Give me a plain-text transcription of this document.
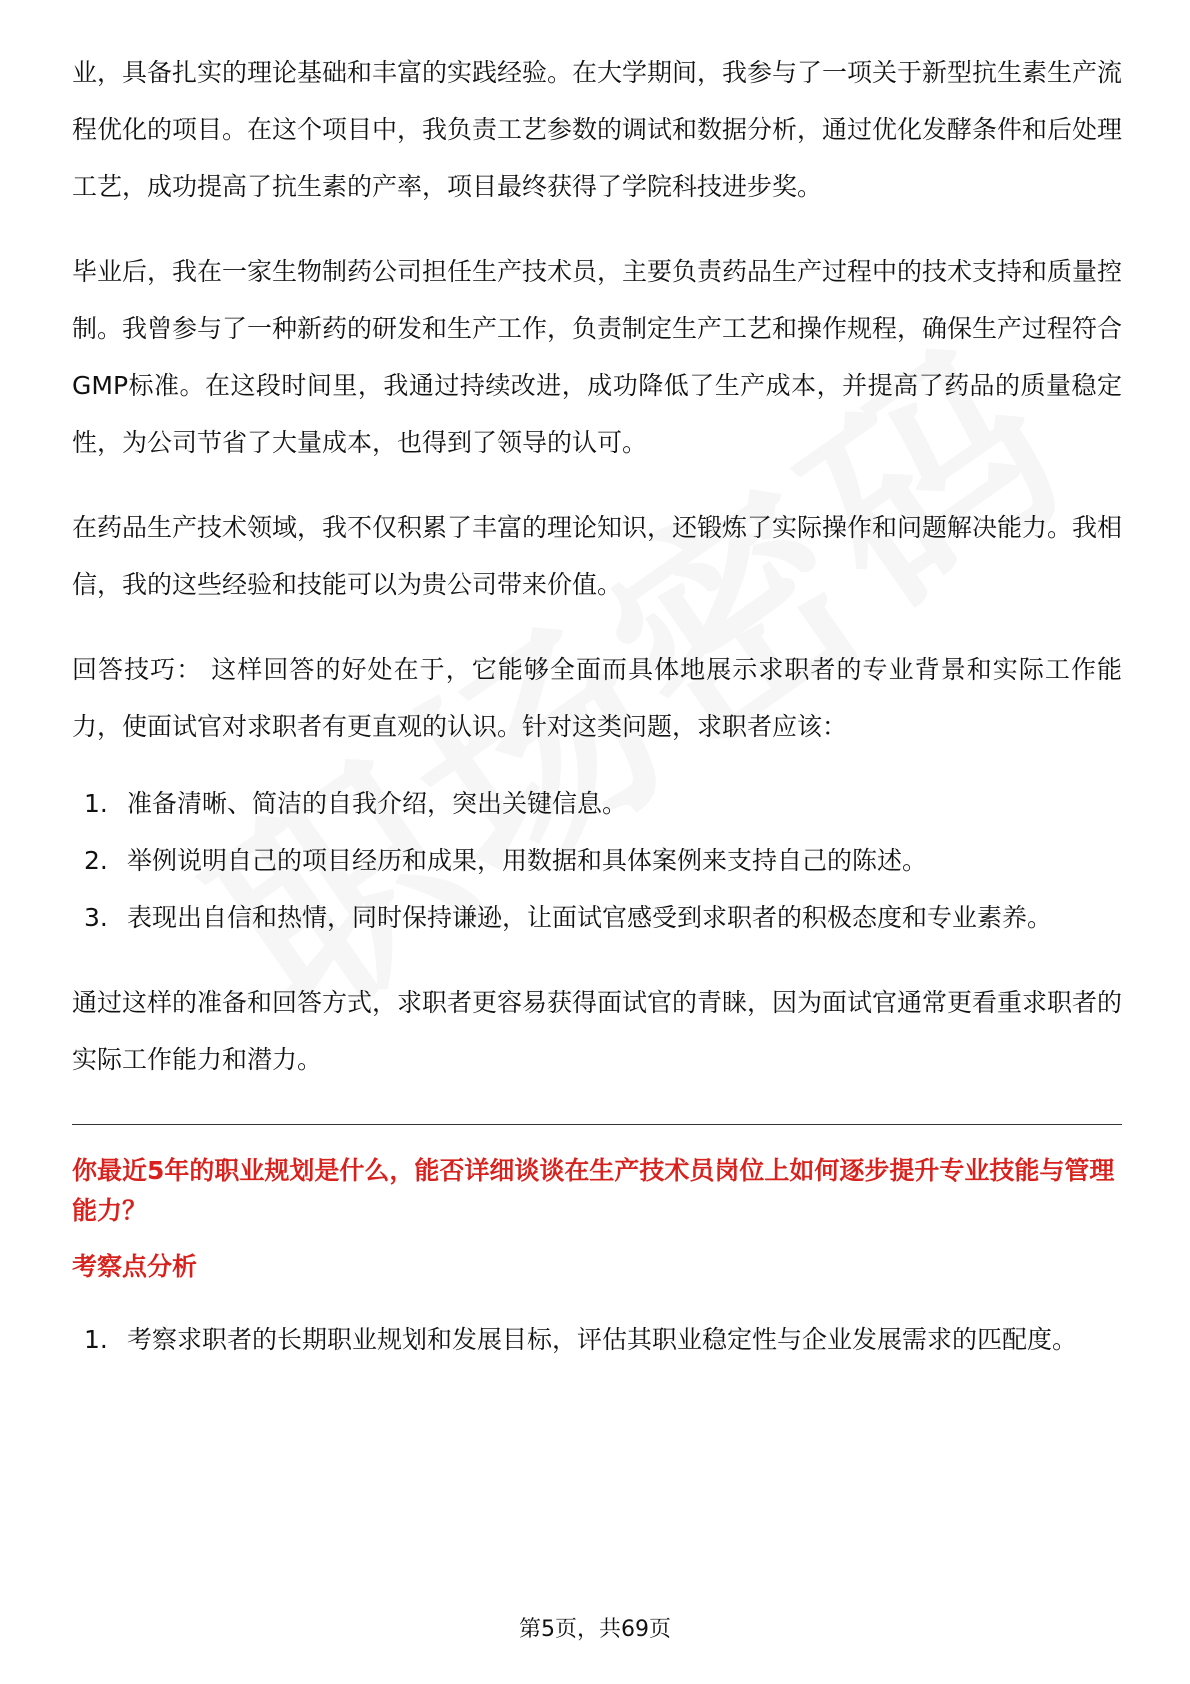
业，具备扎实的理论基础和丰富的实践经验。在大学期间，我参与了一项关于新型抗生素生产流程优化的项目。在这个项目中，我负责工艺参数的调试和数据分析，通过优化发酵条件和后处理工艺，成功提高了抗生素的产率，项目最终获得了学院科技进步奖。

毕业后，我在一家生物制药公司担任生产技术员，主要负责药品生产过程中的技术支持和质量控制。我曾参与了一种新药的研发和生产工作，负责制定生产工艺和操作规程，确保生产过程符合GMP标准。在这段时间里，我通过持续改进，成功降低了生产成本，并提高了药品的质量稳定性，为公司节省了大量成本，也得到了领导的认可。

在药品生产技术领域，我不仅积累了丰富的理论知识，还锻炼了实际操作和问题解决能力。我相信，我的这些经验和技能可以为贵公司带来价值。

回答技巧： 这样回答的好处在于，它能够全面而具体地展示求职者的专业背景和实际工作能力，使面试官对求职者有更直观的认识。针对这类问题，求职者应该：

1. 准备清晰、简洁的自我介绍，突出关键信息。
2. 举例说明自己的项目经历和成果，用数据和具体案例来支持自己的陈述。
3. 表现出自信和热情，同时保持谦逊，让面试官感受到求职者的积极态度和专业素养。

通过这样的准备和回答方式，求职者更容易获得面试官的青睐，因为面试官通常更看重求职者的实际工作能力和潜力。

你最近5年的职业规划是什么，能否详细谈谈在生产技术员岗位上如何逐步提升专业技能与管理能力？

考察点分析

1. 考察求职者的长期职业规划和发展目标，评估其职业稳定性与企业发展需求的匹配度。
第5页，共69页
